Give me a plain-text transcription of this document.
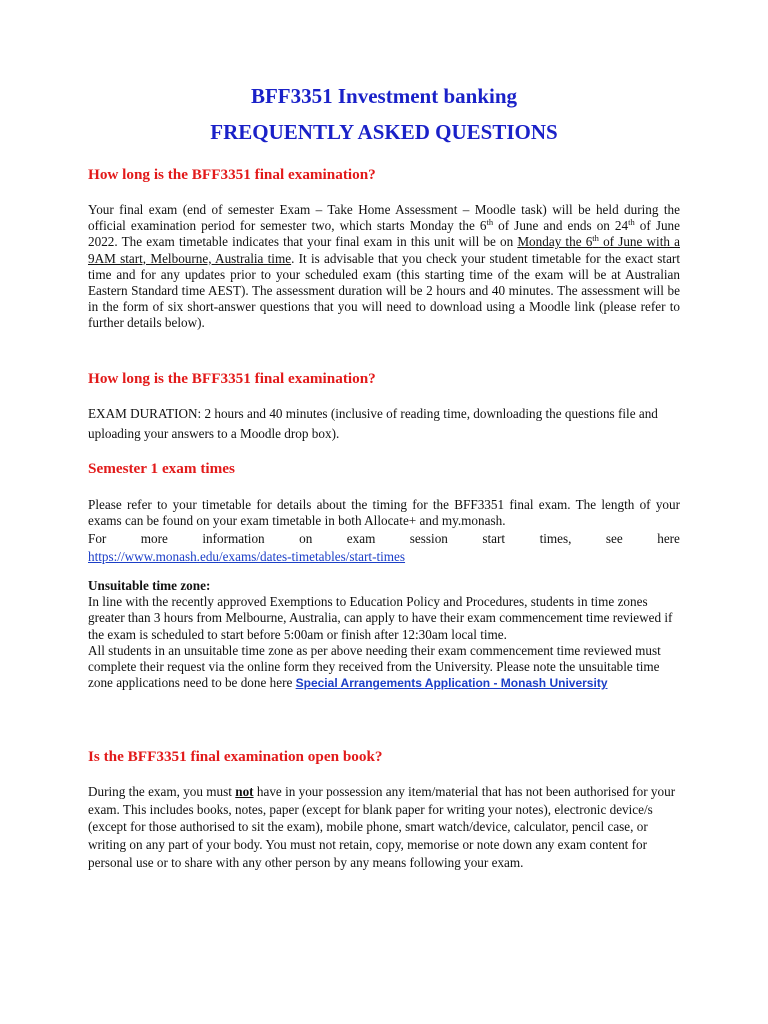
BFF3351 Investment banking
FREQUENTLY ASKED QUESTIONS
How long is the BFF3351 final examination?

Your final exam (end of semester Exam – Take Home Assessment – Moodle task) will be held during the official examination period for semester two, which starts Monday the 6th of June and ends on 24th of June 2022. The exam timetable indicates that your final exam in this unit will be on Monday the 6th of June with a 9AM start, Melbourne, Australia time. It is advisable that you check your student timetable for the exact start time and for any updates prior to your scheduled exam (this starting time of the exam will be at Australian Eastern Standard time AEST). The assessment duration will be 2 hours and 40 minutes. The assessment will be in the form of six short-answer questions that you will need to download using a Moodle link (please refer to further details below).

How long is the BFF3351 final examination?

EXAM DURATION: 2 hours and 40 minutes (inclusive of reading time, downloading the questions file and uploading your answers to a Moodle drop box).

Semester 1 exam times

Please refer to your timetable for details about the timing for the BFF3351 final exam. The length of your exams can be found on your exam timetable in both Allocate+ and my.monash.

For	more	information	on	exam	session	start	times,	see	here
https://www.monash.edu/exams/dates-timetables/start-times
Unsuitable time zone:
In line with the recently approved Exemptions to Education Policy and Procedures, students in time zones greater than 3 hours from Melbourne, Australia, can apply to have their exam commencement time reviewed if the exam is scheduled to start before 5:00am or finish after 12:30am local time.
All students in an unsuitable time zone as per above needing their exam commencement time reviewed must complete their request via the online form they received from the University. Please note the unsuitable time zone applications need to be done here Special Arrangements Application - Monash University
Is the BFF3351 final examination open book?

During the exam, you must not have in your possession any item/material that has not been authorised for your exam. This includes books, notes, paper (except for blank paper for writing your notes), electronic device/s (except for those authorised to sit the exam), mobile phone, smart watch/device, calculator, pencil case, or writing on any part of your body. You must not retain, copy, memorise or note down any exam content for personal use or to share with any other person by any means following your exam.
